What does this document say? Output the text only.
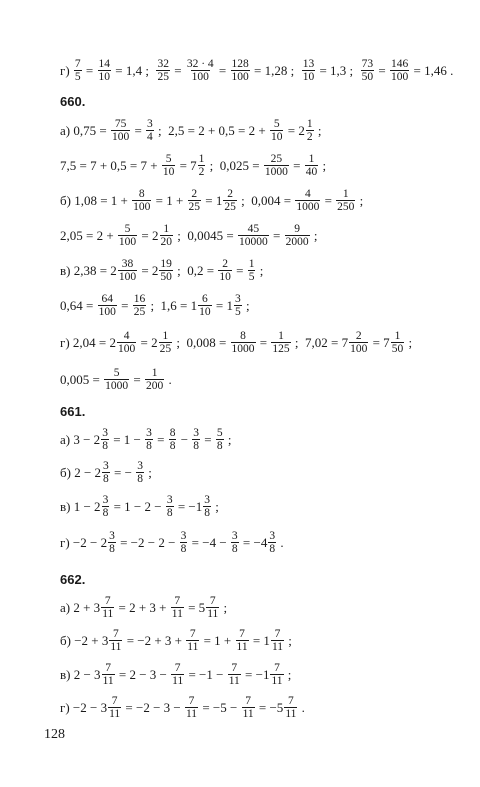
$г) \frac{7}{5} = \frac{14}{10} = 1,4$ ; $\frac{32}{25} = \frac{32 \cdot 4}{100} = \frac{128}{100} = 1,28$ ; $\frac{13}{10} = 1,3$ ; $\frac{73}{50} = \frac{146}{100} = 1,46$ .
660.
а) $0,75 = \frac{75}{100} = \frac{3}{4}$ ;  $2,5 = 2 + 0,5 = 2 + \frac{5}{10} = 2 \frac{1}{2}$ ;
$7,5 = 7 + 0,5 = 7 + \frac{5}{10} = 7 \frac{1}{2}$ ;  $0,025 = \frac{25}{1000} = \frac{1}{40}$ ;
б) $1,08 = 1 + \frac{8}{100} = 1 + \frac{2}{25} = 1 \frac{2}{25}$ ;  $0,004 = \frac{4}{1000} = \frac{1}{250}$ ;
$2,05 = 2 + \frac{5}{100} = 2 \frac{1}{20}$ ;  $0,0045 = \frac{45}{10000} = \frac{9}{2000}$ ;
в) $2,38 = 2 \frac{38}{100} = 2 \frac{19}{50}$ ;  $0,2 = \frac{2}{10} = \frac{1}{5}$ ;
$0,64 = \frac{64}{100} = \frac{16}{25}$ ;  $1,6 = 1 \frac{6}{10} = 1 \frac{3}{5}$ ;
г) $2,04 = 2 \frac{4}{100} = 2 \frac{1}{25}$ ;  $0,008 = \frac{8}{1000} = \frac{1}{125}$ ;  $7,02 = 7 \frac{2}{100} = 7 \frac{1}{50}$ ;
$0,005 = \frac{5}{1000} = \frac{1}{200}$ .
661.
а) $3 - 2 \frac{3}{8} = 1 - \frac{3}{8} = \frac{8}{8} - \frac{3}{8} = \frac{5}{8}$ ;
б) $2 - 2 \frac{3}{8}$ = − $\frac{3}{8}$ ;
в) $1 - 2 \frac{3}{8} = 1 - 2 - \frac{3}{8} = -1 \frac{3}{8}$ ;
$г) -2 - 2 \frac{3}{8} = -2 - 2 - \frac{3}{8} = -4 - \frac{3}{8} = -4 \frac{3}{8}$ .
662.
а) $2 + 3 \frac{7}{11} = 2 + 3 + \frac{7}{11} = 5 \frac{7}{11}$ ;
$б) -2 + 3 \frac{7}{11} = -2 + 3 + \frac{7}{11} = 1 + \frac{7}{11} = 1 \frac{7}{11}$ ;
в) $2 - 3 \frac{7}{11} = 2 - 3 - \frac{7}{11} = -1 - \frac{7}{11} = -1 \frac{7}{11}$ ;
$г) -2 - 3 \frac{7}{11} = -2 - 3 - \frac{7}{11} = -5 - \frac{7}{11} = -5 \frac{7}{11}$ .
128
